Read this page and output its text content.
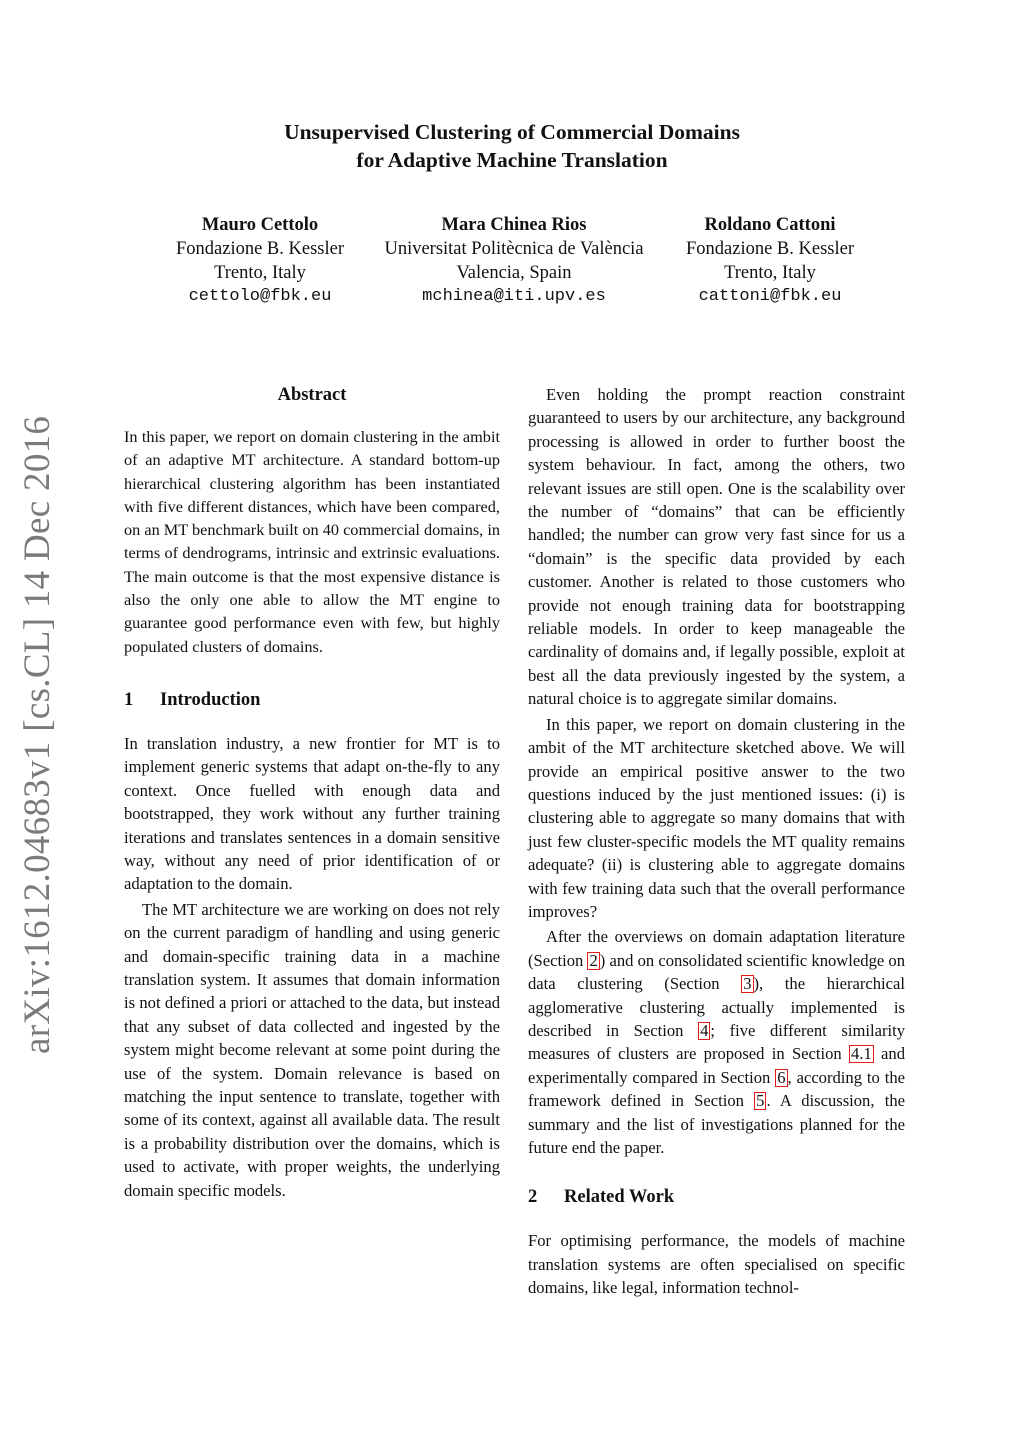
Unsupervised Clustering of Commercial Domains
for Adaptive Machine Translation
Mauro Cettolo
Fondazione B. Kessler
Trento, Italy
cettolo@fbk.eu
Mara Chinea Rios
Universitat Politècnica de València
Valencia, Spain
mchinea@iti.upv.es
Roldano Cattoni
Fondazione B. Kessler
Trento, Italy
cattoni@fbk.eu
arXiv:1612.04683v1 [cs.CL] 14 Dec 2016
Abstract

In this paper, we report on domain clustering in the ambit of an adaptive MT architecture. A standard bottom-up hierarchical clustering algorithm has been instantiated with five different distances, which have been compared, on an MT benchmark built on 40 commercial domains, in terms of dendrograms, intrinsic and extrinsic evaluations. The main outcome is that the most expensive distance is also the only one able to allow the MT engine to guarantee good performance even with few, but highly populated clusters of domains.

1 Introduction

In translation industry, a new frontier for MT is to implement generic systems that adapt on-the-fly to any context. Once fuelled with enough data and bootstrapped, they work without any further training iterations and translates sentences in a domain sensitive way, without any need of prior identification of or adaptation to the domain.

The MT architecture we are working on does not rely on the current paradigm of handling and using generic and domain-specific training data in a machine translation system. It assumes that domain information is not defined a priori or attached to the data, but instead that any subset of data collected and ingested by the system might become relevant at some point during the use of the system. Domain relevance is based on matching the input sentence to translate, together with some of its context, against all available data. The result is a probability distribution over the domains, which is used to activate, with proper weights, the underlying domain specific models.

Even holding the prompt reaction constraint guaranteed to users by our architecture, any background processing is allowed in order to further boost the system behaviour. In fact, among the others, two relevant issues are still open. One is the scalability over the number of “domains” that can be efficiently handled; the number can grow very fast since for us a “domain” is the specific data provided by each customer. Another is related to those customers who provide not enough training data for bootstrapping reliable models. In order to keep manageable the cardinality of domains and, if legally possible, exploit at best all the data previously ingested by the system, a natural choice is to aggregate similar domains.

In this paper, we report on domain clustering in the ambit of the MT architecture sketched above. We will provide an empirical positive answer to the two questions induced by the just mentioned issues: (i) is clustering able to aggregate so many domains that with just few cluster-specific models the MT quality remains adequate? (ii) is clustering able to aggregate domains with few training data such that the overall performance improves?

After the overviews on domain adaptation literature (Section 2 ) and on consolidated scientific knowledge on data clustering (Section 3 ), the hierarchical agglomerative clustering actually implemented is described in Section 4 ; five different similarity measures of clusters are proposed in Section 4.1 and experimentally compared in Section 6 , according to the framework defined in Section 5 . A discussion, the summary and the list of investigations planned for the future end the paper.

2 Related Work

For optimising performance, the models of machine translation systems are often specialised on specific domains, like legal, information technol-
